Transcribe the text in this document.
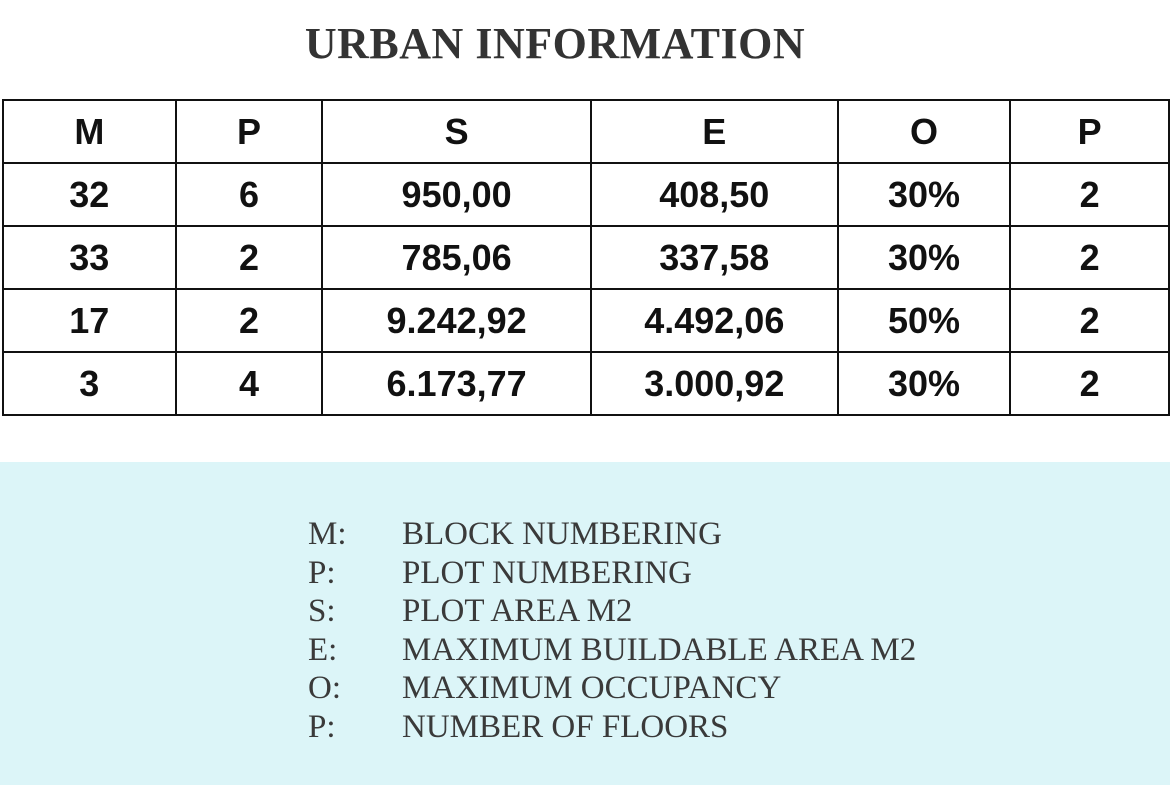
URBAN INFORMATION
M	P	S	E	O	P
32	6	950,00	408,50	30%	2
33	2	785,06	337,58	30%	2
17	2	9.242,92	4.492,06	50%	2
3	4	6.173,77	3.000,92	30%	2
M:	BLOCK NUMBERING
P:	PLOT NUMBERING
S:	PLOT AREA M2
E:	MAXIMUM BUILDABLE AREA M2
O:	MAXIMUM OCCUPANCY
P:	NUMBER OF FLOORS
